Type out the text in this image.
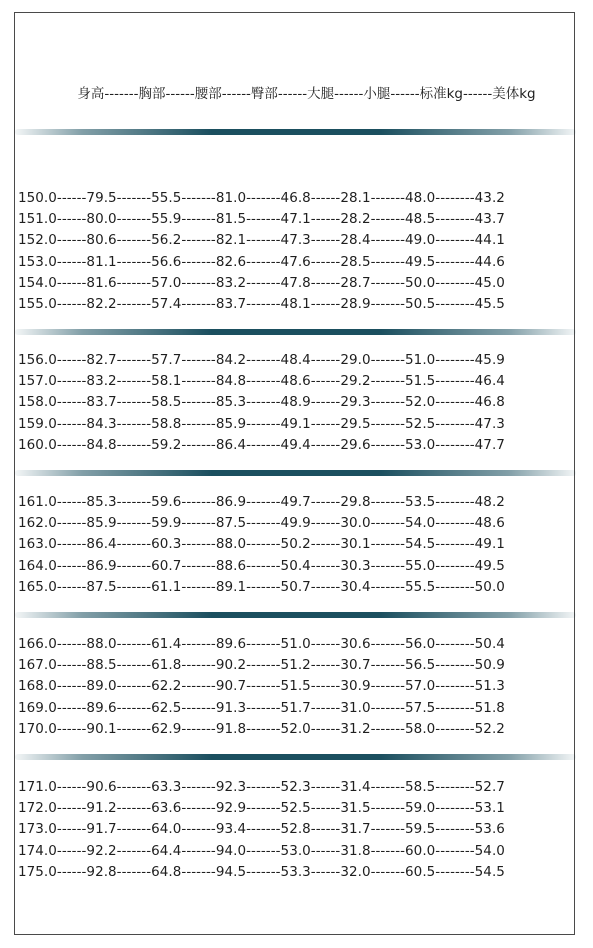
身高-------胸部------腰部------臀部------大腿------小腿------标准kg------美体kg
150.0------79.5-------55.5-------81.0-------46.8------28.1-------48.0--------43.2
151.0------80.0-------55.9-------81.5-------47.1------28.2-------48.5--------43.7
152.0------80.6-------56.2-------82.1-------47.3------28.4-------49.0--------44.1
153.0------81.1-------56.6-------82.6-------47.6------28.5-------49.5--------44.6
154.0------81.6-------57.0-------83.2-------47.8------28.7-------50.0--------45.0
155.0------82.2-------57.4-------83.7-------48.1------28.9-------50.5--------45.5
156.0------82.7-------57.7-------84.2-------48.4------29.0-------51.0--------45.9
157.0------83.2-------58.1-------84.8-------48.6------29.2-------51.5--------46.4
158.0------83.7-------58.5-------85.3-------48.9------29.3-------52.0--------46.8
159.0------84.3-------58.8-------85.9-------49.1------29.5-------52.5--------47.3
160.0------84.8-------59.2-------86.4-------49.4------29.6-------53.0--------47.7
161.0------85.3-------59.6-------86.9-------49.7------29.8-------53.5--------48.2
162.0------85.9-------59.9-------87.5-------49.9------30.0-------54.0--------48.6
163.0------86.4-------60.3-------88.0-------50.2------30.1-------54.5--------49.1
164.0------86.9-------60.7-------88.6-------50.4------30.3-------55.0--------49.5
165.0------87.5-------61.1-------89.1-------50.7------30.4-------55.5--------50.0
166.0------88.0-------61.4-------89.6-------51.0------30.6-------56.0--------50.4
167.0------88.5-------61.8-------90.2-------51.2------30.7-------56.5--------50.9
168.0------89.0-------62.2-------90.7-------51.5------30.9-------57.0--------51.3
169.0------89.6-------62.5-------91.3-------51.7------31.0-------57.5--------51.8
170.0------90.1-------62.9-------91.8-------52.0------31.2-------58.0--------52.2
171.0------90.6-------63.3-------92.3-------52.3------31.4-------58.5--------52.7
172.0------91.2-------63.6-------92.9-------52.5------31.5-------59.0--------53.1
173.0------91.7-------64.0-------93.4-------52.8------31.7-------59.5--------53.6
174.0------92.2-------64.4-------94.0-------53.0------31.8-------60.0--------54.0
175.0------92.8-------64.8-------94.5-------53.3------32.0-------60.5--------54.5
